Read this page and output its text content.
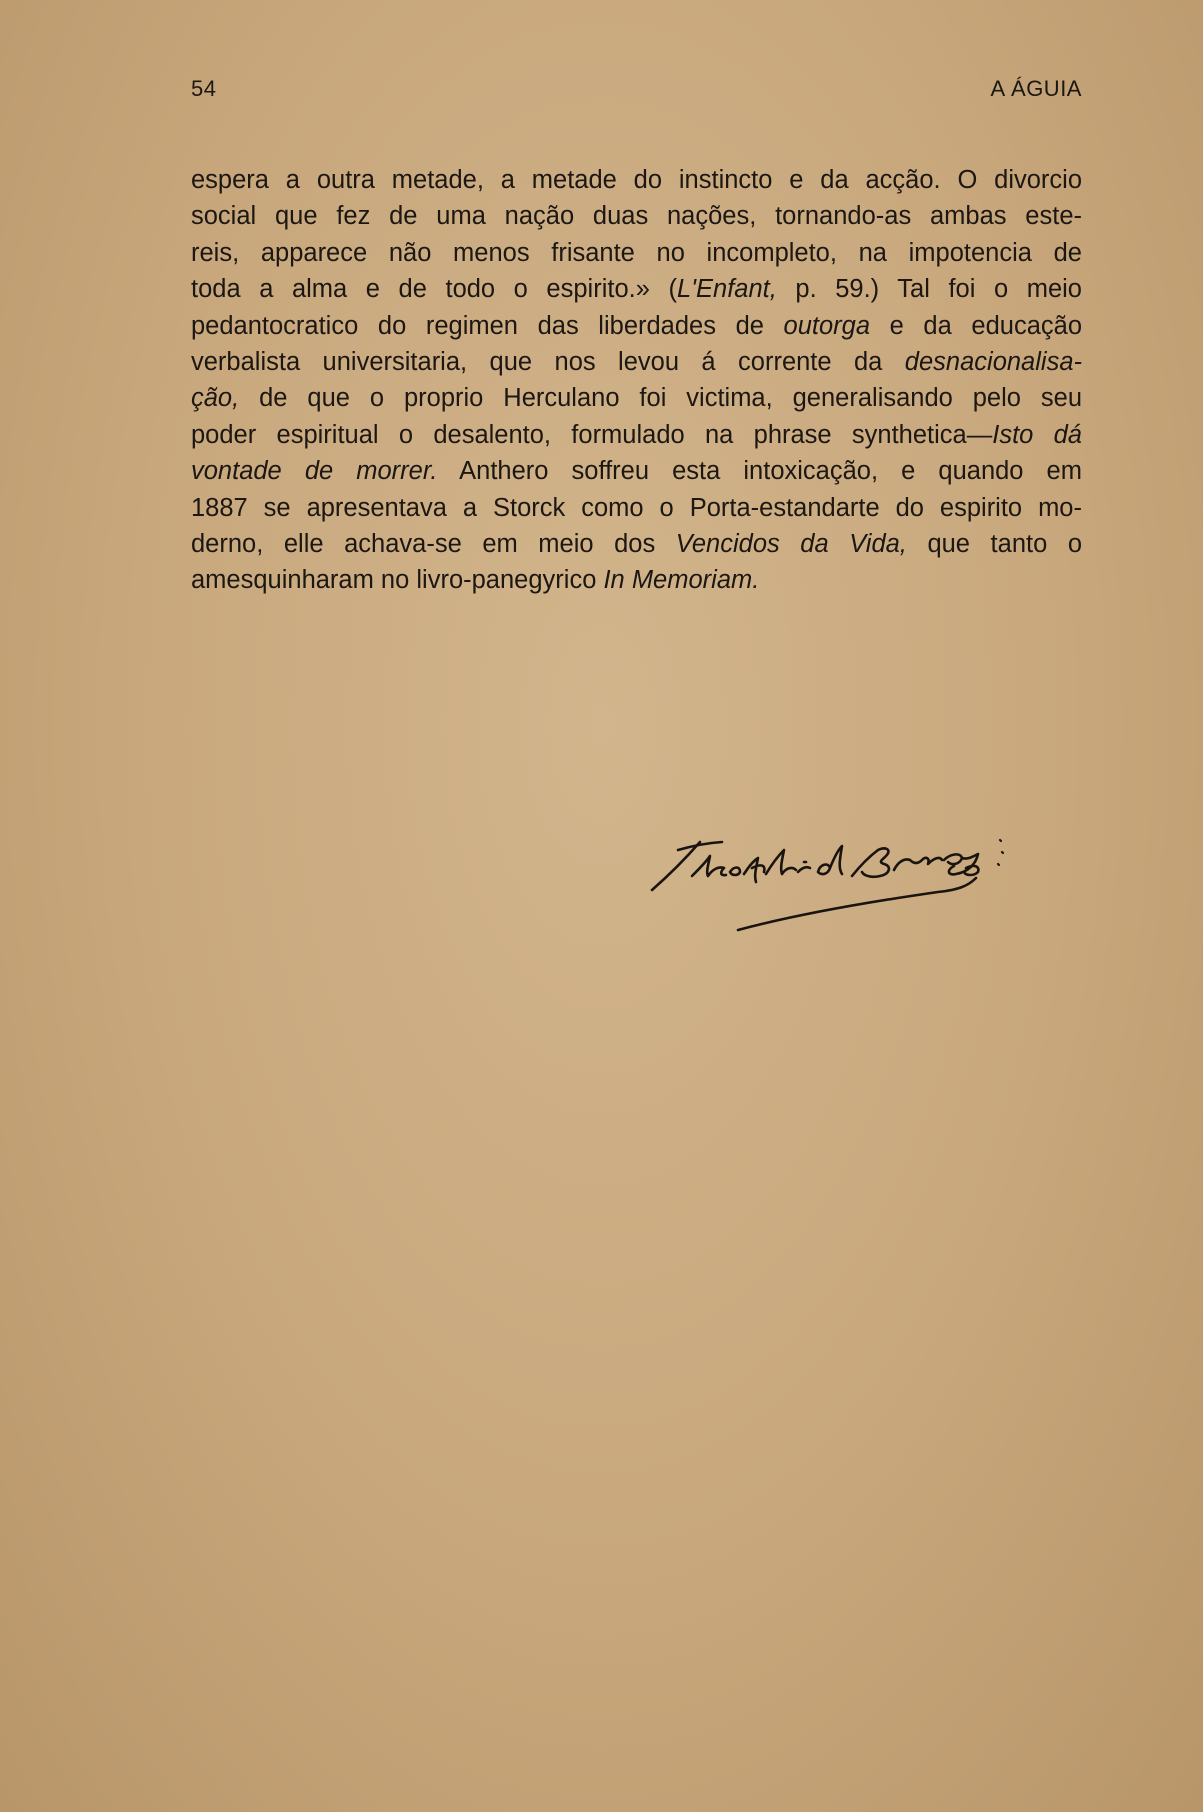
54	A ÁGUIA
espera a outra metade, a metade do instincto e da acção. O divorcio
social que fez de uma nação duas nações, tornando-as ambas este-
reis, apparece não menos frisante no incompleto, na impotencia de
toda a alma e de todo o espirito.» (L'Enfant, p. 59.) Tal foi o meio
pedantocratico do regimen das liberdades de outorga e da educação
verbalista universitaria, que nos levou á corrente da desnacionalisa-
ção, de que o proprio Herculano foi victima, generalisando pelo seu
poder espiritual o desalento, formulado na phrase synthetica—Isto dá
vontade de morrer. Anthero soffreu esta intoxicação, e quando em
1887 se apresentava a Storck como o Porta-estandarte do espirito mo-
derno, elle achava-se em meio dos Vencidos da Vida, que tanto o
amesquinharam no livro-panegyrico In Memoriam.
